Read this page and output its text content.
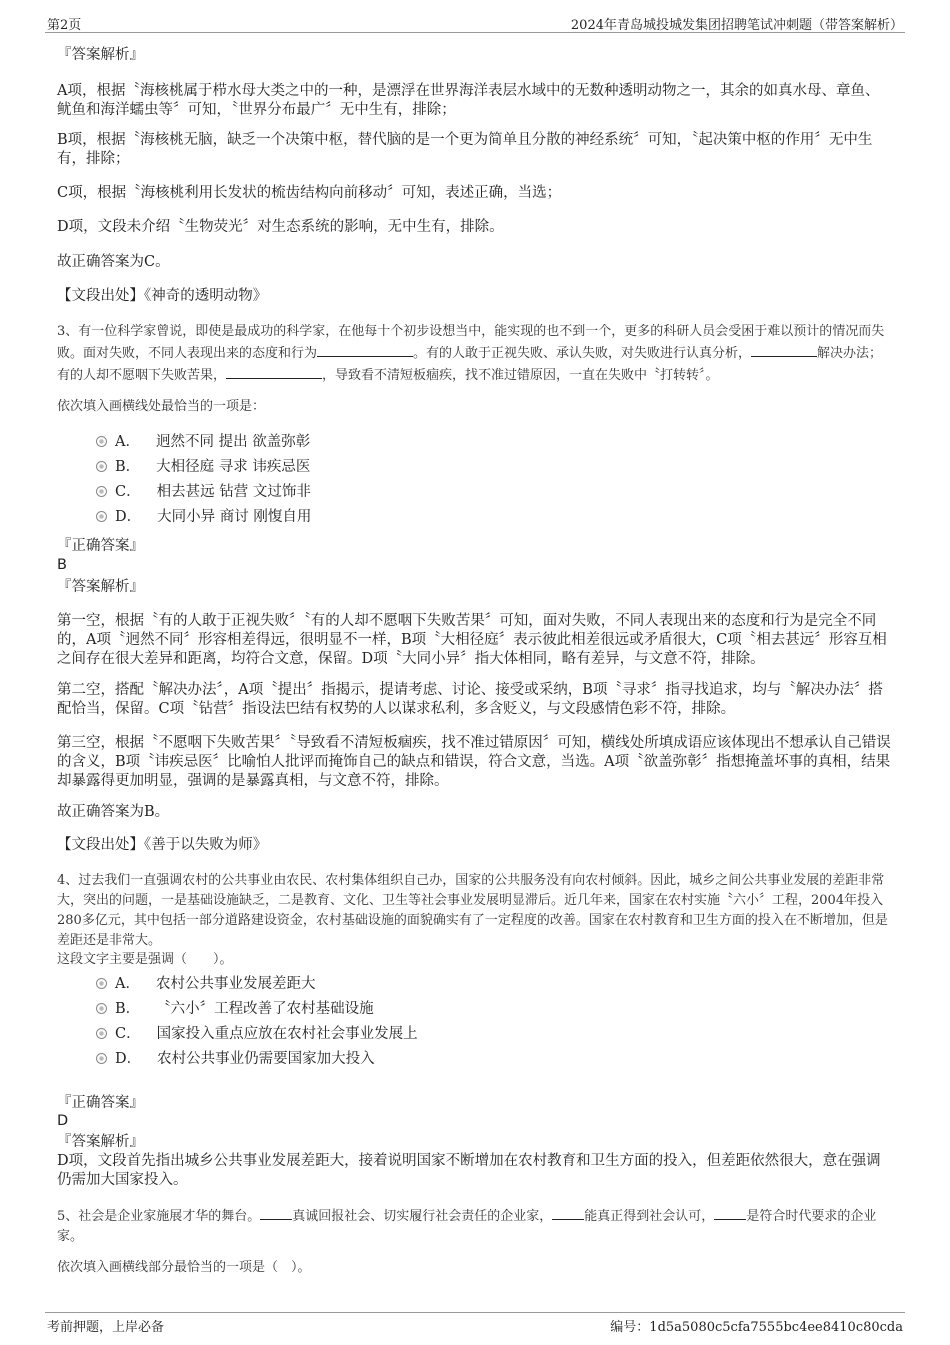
第2页	2024年青岛城投城发集团招聘笔试冲刺题（带答案解析）
『答案解析』
A项，根据〝海核桃属于栉水母大类之中的一种，是漂浮在世界海洋表层水域中的无数种透明动物之一，其余的如真水母、章鱼、鱿鱼和海洋蠕虫等〞可知，〝世界分布最广〞无中生有，排除；
B项，根据〝海核桃无脑，缺乏一个决策中枢，替代脑的是一个更为简单且分散的神经系统〞可知，〝起决策中枢的作用〞无中生有，排除；
C项，根据〝海核桃利用长发状的梳齿结构向前移动〞可知，表述正确，当选；
D项，文段未介绍〝生物荧光〞对生态系统的影响，无中生有，排除。
故正确答案为C。
【文段出处】《神奇的透明动物》
3、有一位科学家曾说，即使是最成功的科学家，在他每十个初步设想当中，能实现的也不到一个，更多的科研人员会受困于难以预计的情况而失败。面对失败，不同人表现出来的态度和行为	。有的人敢于正视失败、承认失败，对失败进行认真分析，	解决办法；有的人却不愿咽下失败苦果，	，导致看不清短板痼疾，找不准过错原因，一直在失败中〝打转转〞。
依次填入画横线处最恰当的一项是：
A． 迥然不同 提出 欲盖弥彰
B． 大相径庭 寻求 讳疾忌医
C． 相去甚远 钻营 文过饰非
D． 大同小异 商讨 刚愎自用
『正确答案』
B
『答案解析』
第一空，根据〝有的人敢于正视失败〞〝有的人却不愿咽下失败苦果〞可知，面对失败，不同人表现出来的态度和行为是完全不同的，A项〝迥然不同〞形容相差得远，很明显不一样，B项〝大相径庭〞表示彼此相差很远或矛盾很大，C项〝相去甚远〞形容互相之间存在很大差异和距离，均符合文意，保留。D项〝大同小异〞指大体相同，略有差异，与文意不符，排除。
第二空，搭配〝解决办法〞，A项〝提出〞指揭示，提请考虑、讨论、接受或采纳，B项〝寻求〞指寻找追求，均与〝解决办法〞搭配恰当，保留。C项〝钻营〞指设法巴结有权势的人以谋求私利，多含贬义，与文段感情色彩不符，排除。
第三空，根据〝不愿咽下失败苦果〞〝导致看不清短板痼疾，找不准过错原因〞可知，横线处所填成语应该体现出不想承认自己错误的含义，B项〝讳疾忌医〞比喻怕人批评而掩饰自己的缺点和错误，符合文意，当选。A项〝欲盖弥彰〞指想掩盖坏事的真相，结果却暴露得更加明显，强调的是暴露真相，与文意不符，排除。
故正确答案为B。
【文段出处】《善于以失败为师》
4、过去我们一直强调农村的公共事业由农民、农村集体组织自己办，国家的公共服务没有向农村倾斜。因此，城乡之间公共事业发展的差距非常大，突出的问题，一是基础设施缺乏，二是教育、文化、卫生等社会事业发展明显滞后。近几年来，国家在农村实施〝六小〞工程，2004年投入280多亿元，其中包括一部分道路建设资金，农村基础设施的面貌确实有了一定程度的改善。国家在农村教育和卫生方面的投入在不断增加，但是差距还是非常大。
这段文字主要是强调（　　）。
A． 农村公共事业发展差距大
B． 〝六小〞工程改善了农村基础设施
C． 国家投入重点应放在农村社会事业发展上
D． 农村公共事业仍需要国家加大投入
『正确答案』
D
『答案解析』
D项，文段首先指出城乡公共事业发展差距大，接着说明国家不断增加在农村教育和卫生方面的投入，但差距依然很大，意在强调仍需加大国家投入。
5、社会是企业家施展才华的舞台。 真诚回报社会、切实履行社会责任的企业家， 能真正得到社会认可， 是符合时代要求的企业家。
依次填入画横线部分最恰当的一项是（　）。
考前押题，上岸必备	编号：1d5a5080c5cfa7555bc4ee8410c80cda
